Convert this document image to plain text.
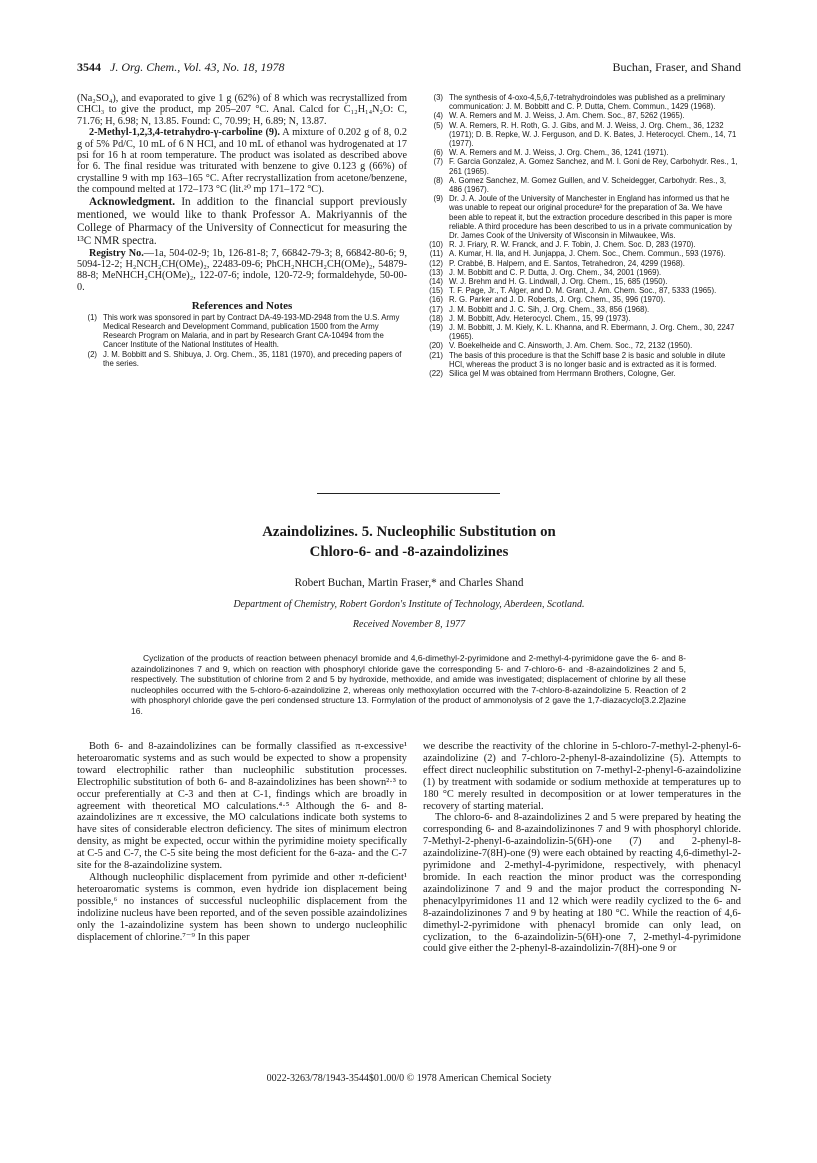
3544 J. Org. Chem., Vol. 43, No. 18, 1978	Buchan, Fraser, and Shand

(Na₂SO₄), and evaporated to give 1 g (62%) of 8 which was recrystallized from CHCl₃ to give the product, mp 205–207 °C. Anal. Calcd for C₁₂H₁₄N₂O: C, 71.76; H, 6.98; N, 13.85. Found: C, 70.99; H, 6.89; N, 13.87.

2-Methyl-1,2,3,4-tetrahydro-γ-carboline (9). A mixture of 0.202 g of 8, 0.2 g of 5% Pd/C, 10 mL of 6 N HCl, and 10 mL of ethanol was hydrogenated at 17 psi for 16 h at room temperature. The product was isolated as described above for 6. The final residue was triturated with benzene to give 0.123 g (66%) of crystalline 9 with mp 163–165 °C. After recrystallization from acetone/benzene, the compound melted at 172–173 °C (lit.²⁰ mp 171–172 °C).

Acknowledgment. In addition to the financial support previously mentioned, we would like to thank Professor A. Makriyannis of the College of Pharmacy of the University of Connecticut for measuring the ¹³C NMR spectra.

Registry No.—1a, 504-02-9; 1b, 126-81-8; 7, 66842-79-3; 8, 66842-80-6; 9, 5094-12-2; H₂NCH₂CH(OMe)₂, 22483-09-6; PhCH₂NHCH₂CH(OMe)₂, 54879-88-8; MeNHCH₂CH(OMe)₂, 122-07-6; indole, 120-72-9; formaldehyde, 50-00-0.

References and Notes
(1) This work was sponsored in part by Contract DA-49-193-MD-2948 from the U.S. Army Medical Research and Development Command, publication 1500 from the Army Research Program on Malaria, and in part by Research Grant CA-10494 from the Cancer Institute of the National Institutes of Health.
(2) J. M. Bobbitt and S. Shibuya, J. Org. Chem., 35, 1181 (1970), and preceding papers of the series.
(3) The synthesis of 4-oxo-4,5,6,7-tetrahydroindoles was published as a preliminary communication: J. M. Bobbitt and C. P. Dutta, Chem. Commun., 1429 (1968).
(4) W. A. Remers and M. J. Weiss, J. Am. Chem. Soc., 87, 5262 (1965).
(5) W. A. Remers, R. H. Roth, G. J. Gibs, and M. J. Weiss, J. Org. Chem., 36, 1232 (1971); D. B. Repke, W. J. Ferguson, and D. K. Bates, J. Heterocycl. Chem., 14, 71 (1977).
(6) W. A. Remers and M. J. Weiss, J. Org. Chem., 36, 1241 (1971).
(7) F. Garcia Gonzalez, A. Gomez Sanchez, and M. I. Goni de Rey, Carbohydr. Res., 1, 261 (1965).
(8) A. Gomez Sanchez, M. Gomez Guillen, and V. Scheidegger, Carbohydr. Res., 3, 486 (1967).
(9) Dr. J. A. Joule of the University of Manchester in England has informed us that he was unable to repeat our original procedure³ for the preparation of 3a. We have been able to repeat it, but the extraction procedure described in this paper is more reliable. A third procedure has been described to us in a private communication by Dr. James Cook of the University of Wisconsin in Milwaukee, Wis.
(10) R. J. Friary, R. W. Franck, and J. F. Tobin, J. Chem. Soc. D, 283 (1970).
(11) A. Kumar, H. Ila, and H. Junjappa, J. Chem. Soc., Chem. Commun., 593 (1976).
(12) P. Crabbé, B. Halpern, and E. Santos, Tetrahedron, 24, 4299 (1968).
(13) J. M. Bobbitt and C. P. Dutta, J. Org. Chem., 34, 2001 (1969).
(14) W. J. Brehm and H. G. Lindwall, J. Org. Chem., 15, 685 (1950).
(15) T. F. Page, Jr., T. Alger, and D. M. Grant, J. Am. Chem. Soc., 87, 5333 (1965).
(16) R. G. Parker and J. D. Roberts, J. Org. Chem., 35, 996 (1970).
(17) J. M. Bobbitt and J. C. Sih, J. Org. Chem., 33, 856 (1968).
(18) J. M. Bobbitt, Adv. Heterocycl. Chem., 15, 99 (1973).
(19) J. M. Bobbitt, J. M. Kiely, K. L. Khanna, and R. Ebermann, J. Org. Chem., 30, 2247 (1965).
(20) V. Boekelheide and C. Ainsworth, J. Am. Chem. Soc., 72, 2132 (1950).
(21) The basis of this procedure is that the Schiff base 2 is basic and soluble in dilute HCl, whereas the product 3 is no longer basic and is extracted as it is formed.
(22) Silica gel M was obtained from Herrmann Brothers, Cologne, Ger.
Azaindolizines. 5. Nucleophilic Substitution on
Chloro-6- and -8-azaindolizines
Robert Buchan, Martin Fraser,* and Charles Shand
Department of Chemistry, Robert Gordon's Institute of Technology, Aberdeen, Scotland.
Received November 8, 1977
Cyclization of the products of reaction between phenacyl bromide and 4,6-dimethyl-2-pyrimidone and 2-methyl-4-pyrimidone gave the 6- and 8-azaindolizinones 7 and 9, which on reaction with phosphoryl chloride gave the corresponding 5- and 7-chloro-6- and -8-azaindolizines 2 and 5, respectively. The substitution of chlorine from 2 and 5 by hydroxide, methoxide, and amide was investigated; displacement of chlorine by all these nucleophiles occurred with the 5-chloro-6-azaindolizine 2, whereas only methoxylation occurred with the 7-chloro-8-azaindolizine 5. Reaction of 2 with phosphoryl chloride gave the peri condensed structure 13. Formylation of the product of ammonolysis of 2 gave the 1,7-diazacyclo[3.2.2]azine 16.

Both 6- and 8-azaindolizines can be formally classified as π-excessive¹ heteroaromatic systems and as such would be expected to show a propensity toward electrophilic rather than nucleophilic substitution processes. Electrophilic substitution of both 6- and 8-azaindolizines has been shown²·³ to occur preferentially at C-3 and then at C-1, findings which are broadly in agreement with theoretical MO calculations.⁴·⁵ Although the 6- and 8-azaindolizines are π excessive, the MO calculations indicate both systems to have sites of considerable electron deficiency. The sites of minimum electron density, as might be expected, occur within the pyrimidine moiety specifically at C-5 and C-7, the C-5 site being the most deficient for the 6-aza- and the C-7 site for the 8-azaindolizine system.

Although nucleophilic displacement from pyrimide and other π-deficient¹ heteroaromatic systems is common, even hydride ion displacement being possible,⁶ no instances of successful nucleophilic displacement from the indolizine nucleus have been reported, and of the seven possible azaindolizines only the 1-azaindolizine system has been shown to undergo nucleophilic displacement of chlorine.⁷⁻⁹ In this paper

we describe the reactivity of the chlorine in 5-chloro-7-methyl-2-phenyl-6-azaindolizine (2) and 7-chloro-2-phenyl-8-azaindolizine (5). Attempts to effect direct nucleophilic substitution on 7-methyl-2-phenyl-6-azaindolizine (1) by treatment with sodamide or sodium methoxide at temperatures up to 180 °C merely resulted in decomposition or at lower temperatures in the recovery of starting material.

The chloro-6- and 8-azaindolizines 2 and 5 were prepared by heating the corresponding 6- and 8-azaindolizinones 7 and 9 with phosphoryl chloride. 7-Methyl-2-phenyl-6-azaindolizin-5(6H)-one (7) and 2-phenyl-8-azaindolizine-7(8H)-one (9) were each obtained by reacting 4,6-dimethyl-2-pyrimidone and 2-methyl-4-pyrimidone, respectively, with phenacyl bromide. In each reaction the minor product was the corresponding azaindolizinone 7 and 9 and the major product the corresponding N-phenacylpyrimidones 11 and 12 which were readily cyclized to the 6- and 8-azaindolizinones 7 and 9 by heating at 180 °C. While the reaction of 4,6-dimethyl-2-pyrimidone with phenacyl bromide can only lead, on cyclization, to the 6-azaindolizin-5(6H)-one 7, 2-methyl-4-pyrimidone could give either the 2-phenyl-8-azaindolizin-7(8H)-one 9 or

0022-3263/78/1943-3544$01.00/0 © 1978 American Chemical Society
